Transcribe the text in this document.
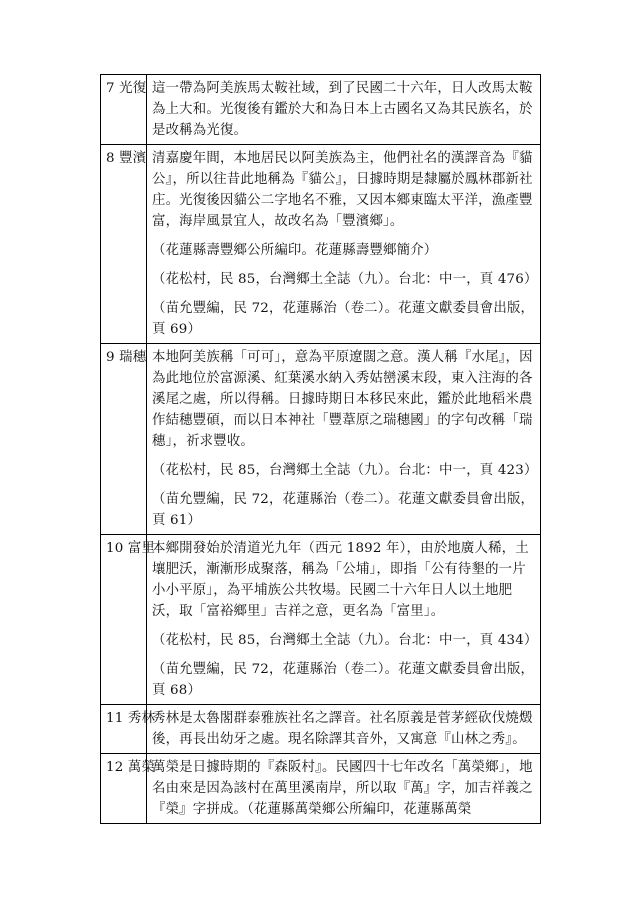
7 光復	這一帶為阿美族馬太鞍社域，到了民國二十六年，日人改馬太鞍為上大和。光復後有鑑於大和為日本上古國名又為其民族名，於是改稱為光復。

8 豐濱	清嘉慶年間，本地居民以阿美族為主，他們社名的漢譯音為『貓公』，所以往昔此地稱為『貓公』，日據時期是隸屬於鳳林郡新社庄。光復後因貓公二字地名不雅，又因本鄉東臨太平洋，漁產豐富，海岸風景宜人，故改名為「豐濱鄉」。

（花蓮縣壽豐鄉公所編印。花蓮縣壽豐鄉簡介）

（花松村，民 85，台灣鄉土全誌（九）。台北：中一，頁 476）

（苗允豐編，民 72，花蓮縣治（卷二）。花蓮文獻委員會出版，頁 69）

9 瑞穗	本地阿美族稱「可可」，意為平原遼闊之意。漢人稱『水尾』，因為此地位於富源溪、紅葉溪水納入秀姑巒溪末段，東入注海的各溪尾之處，所以得稱。日據時期日本移民來此，鑑於此地稻米農作結穗豐碩，而以日本神社「豐葦原之瑞穗國」的字句改稱「瑞穗」，祈求豐收。

（花松村，民 85，台灣鄉土全誌（九）。台北：中一，頁 423）

（苗允豐編，民 72，花蓮縣治（卷二）。花蓮文獻委員會出版，頁 61）

10 富里	本鄉開發始於清道光九年（西元 1892 年），由於地廣人稀，土壤肥沃，漸漸形成聚落，稱為「公埔」，即指「公有待墾的一片小小平原」，為平埔族公共牧場。民國二十六年日人以土地肥沃，取「富裕鄉里」吉祥之意，更名為「富里」。

（花松村，民 85，台灣鄉土全誌（九）。台北：中一，頁 434）

（苗允豐編，民 72，花蓮縣治（卷二）。花蓮文獻委員會出版，頁 68）

11 秀林	秀林是太魯閣群泰雅族社名之譯音。社名原義是菅茅經砍伐燒燬後，再長出幼牙之處。現名除譯其音外，又寓意『山林之秀』。

12 萬榮	萬榮是日據時期的『森阪村』。民國四十七年改名「萬榮鄉」，地名由來是因為該村在萬里溪南岸，所以取『萬』字，加吉祥義之『榮』字拼成。（花蓮縣萬榮鄉公所編印，花蓮縣萬榮
